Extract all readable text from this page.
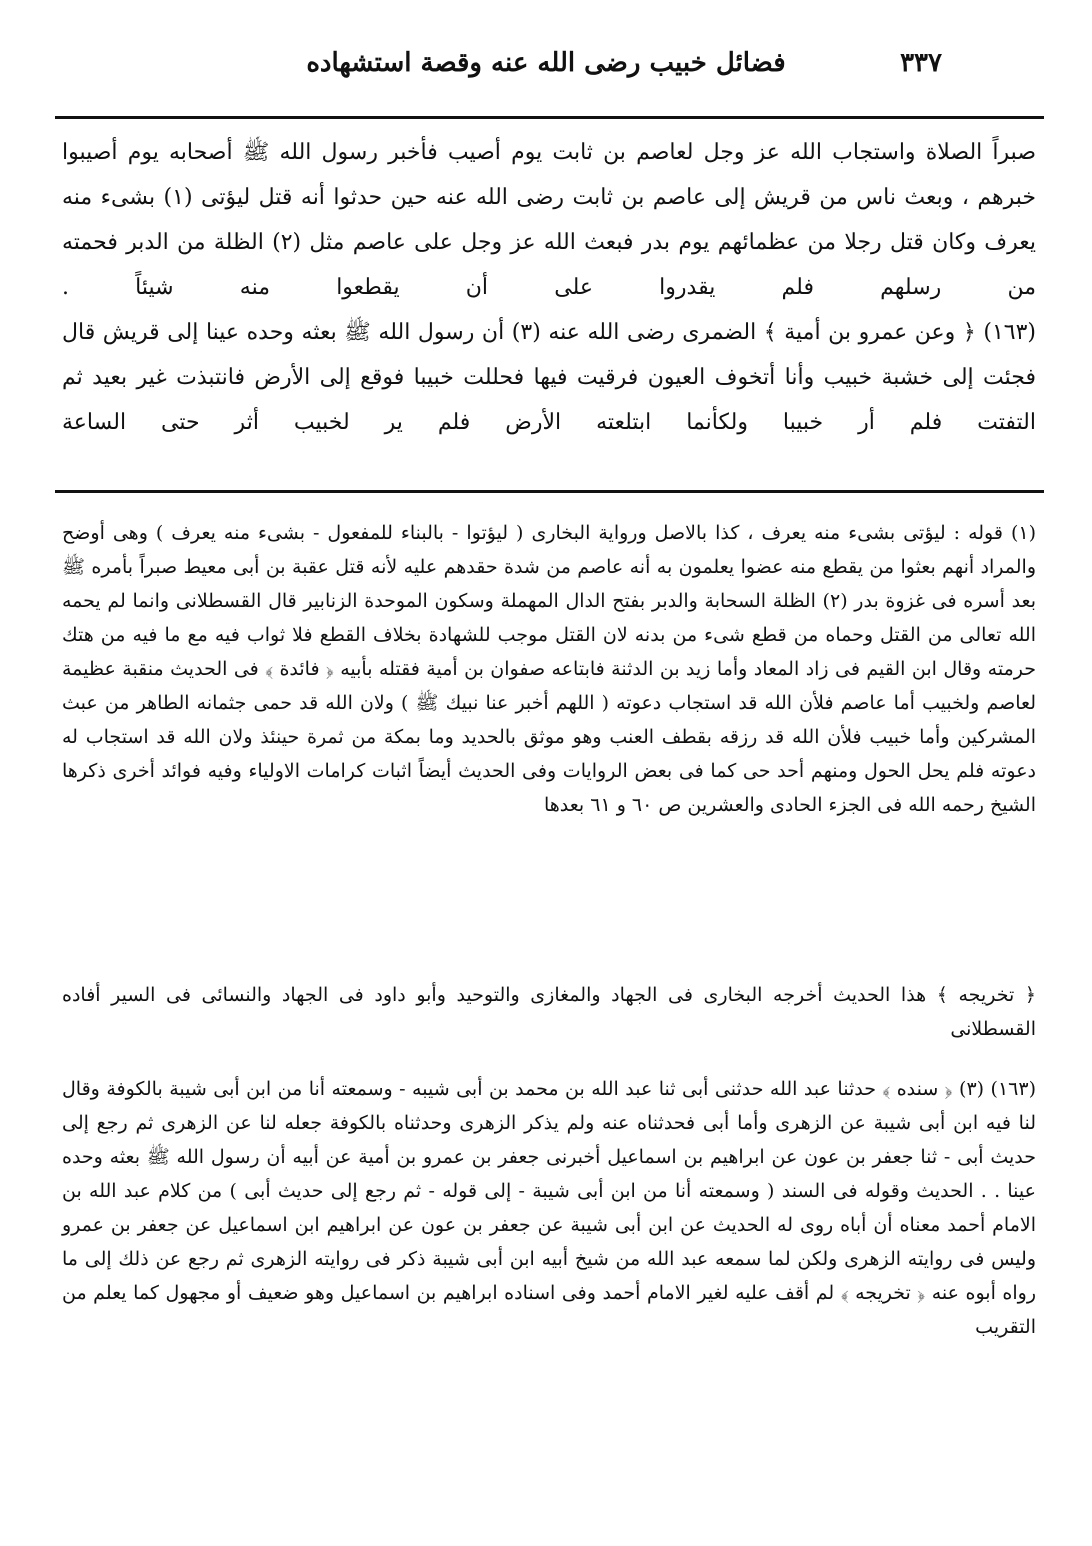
٣٣٧
فضائل خبيب رضى الله عنه وقصة استشهاده

صبراً الصلاة واستجاب الله عز وجل لعاصم بن ثابت يوم أصيب فأخبر رسول الله ﷺ أصحابه يوم أصيبوا خبرهم ، وبعث ناس من قريش إلى عاصم بن ثابت رضى الله عنه حين حدثوا أنه قتل ليؤتى (١) بشىء منه يعرف وكان قتل رجلا من عظمائهم يوم بدر فبعث الله عز وجل على عاصم مثل (٢) الظلة من الدبر فحمته من رسلهم فلم يقدروا على أن يقطعوا منه شيئاً .

(١٦٣) ﴿ وعن عمرو بن أمية ﴾ الضمرى رضى الله عنه (٣) أن رسول الله ﷺ بعثه وحده عينا إلى قريش قال فجئت إلى خشبة خبيب وأنا أتخوف العيون فرقيت فيها فحللت خبيبا فوقع إلى الأرض فانتبذت غير بعيد ثم التفتت فلم أر خبيبا ولكأنما ابتلعته الأرض فلم ير لخبيب أثر حتى الساعة

(١) قوله : ليؤتى بشىء منه يعرف ، كذا بالاصل ورواية البخارى ( ليؤتوا - بالبناء للمفعول - بشىء منه يعرف ) وهى أوضح والمراد أنهم بعثوا من يقطع منه عضوا يعلمون به أنه عاصم من شدة حقدهم عليه لأنه قتل عقبة بن أبى معيط صبراً بأمره ﷺ بعد أسره فى غزوة بدر (٢) الظلة السحابة والدبر بفتح الدال المهملة وسكون الموحدة الزنابير قال القسطلانى وانما لم يحمه الله تعالى من القتل وحماه من قطع شىء من بدنه لان القتل موجب للشهادة بخلاف القطع فلا ثواب فيه مع ما فيه من هتك حرمته وقال ابن القيم فى زاد المعاد وأما زيد بن الدثنة فابتاعه صفوان بن أمية فقتله بأبيه ﴿ فائدة ﴾ فى الحديث منقبة عظيمة لعاصم ولخبيب أما عاصم فلأن الله قد استجاب دعوته ( اللهم أخبر عنا نبيك ﷺ ) ولان الله قد حمى جثمانه الطاهر من عبث المشركين وأما خبيب فلأن الله قد رزقه بقطف العنب وهو موثق بالحديد وما بمكة من ثمرة حينئذ ولان الله قد استجاب له دعوته فلم يحل الحول ومنهم أحد حى كما فى بعض الروايات وفى الحديث أيضاً اثبات كرامات الاولياء وفيه فوائد أخرى ذكرها الشيخ رحمه الله فى الجزء الحادى والعشرين ص ٦٠ و ٦١ بعدها

﴿ تخريجه ﴾ هذا الحديث أخرجه البخارى فى الجهاد والمغازى والتوحيد وأبو داود فى الجهاد والنسائى فى السير أفاده القسطلانى

(١٦٣) (٣) ﴿ سنده ﴾ حدثنا عبد الله حدثنى أبى ثنا عبد الله بن محمد بن أبى شيبه - وسمعته أنا من ابن أبى شيبة بالكوفة وقال لنا فيه ابن أبى شيبة عن الزهرى وأما أبى فحدثناه عنه ولم يذكر الزهرى وحدثناه بالكوفة جعله لنا عن الزهرى ثم رجع إلى حديث أبى - ثنا جعفر بن عون عن ابراهيم بن اسماعيل أخبرنى جعفر بن عمرو بن أمية عن أبيه أن رسول الله ﷺ بعثه وحده عينا . . الحديث وقوله فى السند ( وسمعته أنا من ابن أبى شيبة - إلى قوله - ثم رجع إلى حديث أبى ) من كلام عبد الله بن الامام أحمد معناه أن أباه روى له الحديث عن ابن أبى شيبة عن جعفر بن عون عن ابراهيم ابن اسماعيل عن جعفر بن عمرو وليس فى روايته الزهرى ولكن لما سمعه عبد الله من شيخ أبيه ابن أبى شيبة ذكر فى روايته الزهرى ثم رجع عن ذلك إلى ما رواه أبوه عنه ﴿ تخريجه ﴾ لم أقف عليه لغير الامام أحمد وفى اسناده ابراهيم بن اسماعيل وهو ضعيف أو مجهول كما يعلم من التقريب
